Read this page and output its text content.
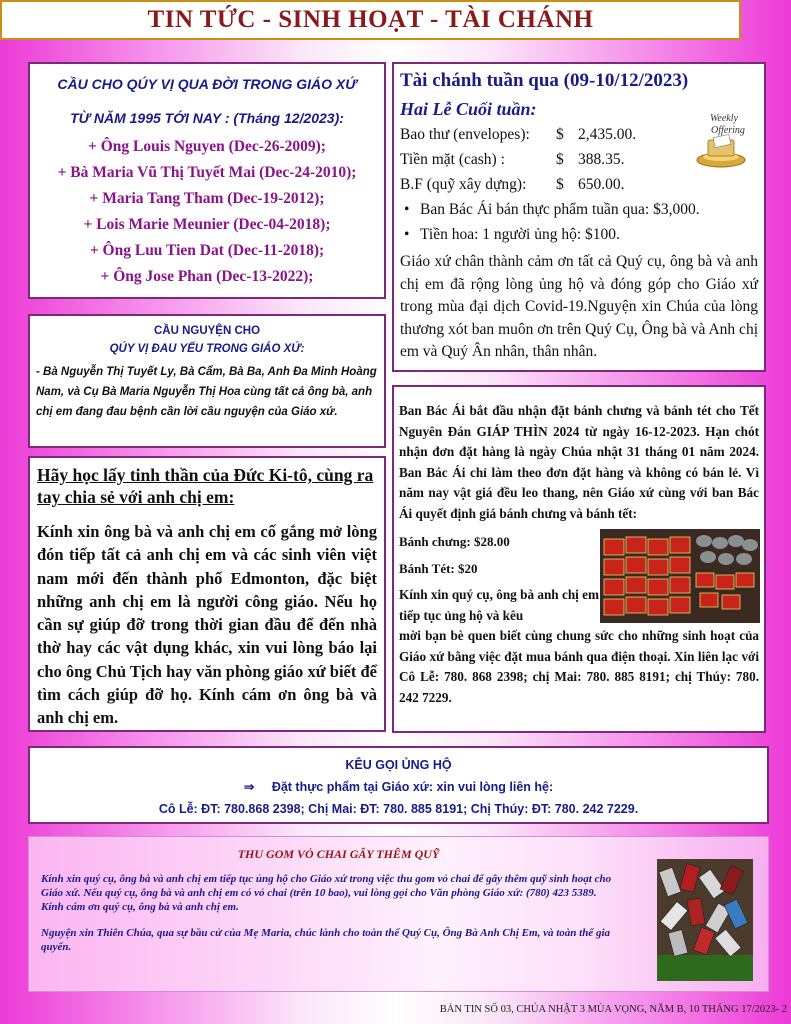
TIN TỨC - SINH HOẠT - TÀI CHÁNH
CẦU CHO QÚY VỊ QUA ĐỜI TRONG GIÁO XỨ
TỪ NĂM 1995 TỚI NAY : (Tháng 12/2023):
+ Ông Louis Nguyen (Dec-26-2009);
+ Bà Maria Vũ Thị Tuyết Mai (Dec-24-2010);
+ Maria Tang Tham (Dec-19-2012);
+ Lois Marie Meunier (Dec-04-2018);
+ Ông Luu Tien Dat (Dec-11-2018);
+ Ông Jose Phan (Dec-13-2022);
CẦU NGUYỆN CHO
QÚY VỊ ĐAU YẾU TRONG GIÁO XỨ:
- Bà Nguyễn Thị Tuyết Ly, Bà Cẩm, Bà Ba, Anh Đa Minh Hoàng Nam, và Cụ Bà Maria Nguyễn Thị Hoa cùng tất cả ông bà, anh chị em đang đau bệnh cần lời cầu nguyện của Giáo xứ.
Hãy học lấy tinh thần của Đức Ki-tô, cùng ra tay chia sẻ với anh chị em:
Kính xin ông bà và anh chị em cố gắng mở lòng đón tiếp tất cả anh chị em và các sinh viên việt nam mới đến thành phố Edmonton, đặc biệt những anh chị em là người công giáo. Nếu họ cần sự giúp đỡ trong thời gian đầu để đến nhà thờ hay các vật dụng khác, xin vui lòng báo lại cho ông Chủ Tịch hay văn phòng giáo xứ biết để tìm cách giúp đỡ họ. Kính cám ơn ông bà và anh chị em.
Tài chánh tuần qua (09-10/12/2023)
Hai Lễ Cuối tuần:
Bao thư (envelopes):	$ 2,435.00.
Tiền mặt (cash) :	$ 388.35.
B.F (quỹ xây dựng):	$ 650.00.
• Ban Bác Ái bán thực phẩm tuần qua: $3,000.
• Tiền hoa: 1 người ủng hộ: $100.
Giáo xứ chân thành cảm ơn tất cả Quý cụ, ông bà và anh chị em đã rộng lòng ủng hộ và đóng góp cho Giáo xứ trong mùa đại dịch Covid-19.Nguyện xin Chúa của lòng thương xót ban muôn ơn trên Quý Cụ, Ông bà và Anh chị em và Quý Ân nhân, thân nhân.
Weekly
Offering
Ban Bác Ái bắt đầu nhận đặt bánh chưng và bánh tét cho Tết Nguyên Đán GIÁP THÌN 2024 từ ngày 16-12-2023. Hạn chót nhận đơn đặt hàng là ngày Chúa nhật 31 tháng 01 năm 2024. Ban Bác Ái chỉ làm theo đơn đặt hàng và không có bán lẻ. Vì năm nay vật giá đều leo thang, nên Giáo xứ cùng với ban Bác Ái quyết định giá bánh chưng và bánh tết:
Bánh chưng: $28.00
Bánh Tét: $20
Kính xin quý cụ, ông bà anh chị em tiếp tục ủng hộ và kêu
mời bạn bè quen biết cùng chung sức cho những sinh hoạt của Giáo xứ bằng việc đặt mua bánh qua điện thoại. Xin liên lạc với Cô Lễ: 780. 868 2398; chị Mai: 780. 885 8191; chị Thúy: 780. 242 7229.
KÊU GỌI ỦNG HỘ
⇒ Đặt thực phẩm tại Giáo xứ: xin vui lòng liên hệ:
Cô Lễ: ĐT: 780.868 2398; Chị Mai: ĐT: 780. 885 8191; Chị Thúy: ĐT: 780. 242 7229.
THU GOM VỎ CHAI GÂY THÊM QUỸ
Kính xin quý cụ, ông bà và anh chị em tiếp tục ủng hộ cho Giáo xứ trong việc thu gom vỏ chai để gây thêm quỹ sinh hoạt cho Giáo xứ. Nếu quý cụ, ông bà và anh chị em có vỏ chai (trên 10 bao), vui lòng gọi cho Văn phòng Giáo xứ: (780) 423 5389. Kính cám ơn quý cụ, ông bà và anh chị em.
Nguyện xin Thiên Chúa, qua sự bầu cử của Mẹ Maria, chúc lành cho toàn thể Quý Cụ, Ông Bà Anh Chị Em, và toàn thể gia quyến.
BẢN TIN SỐ 03, CHÚA NHẬT 3 MÙA VỌNG, NĂM B, 10 THÁNG 17/2023- 2
